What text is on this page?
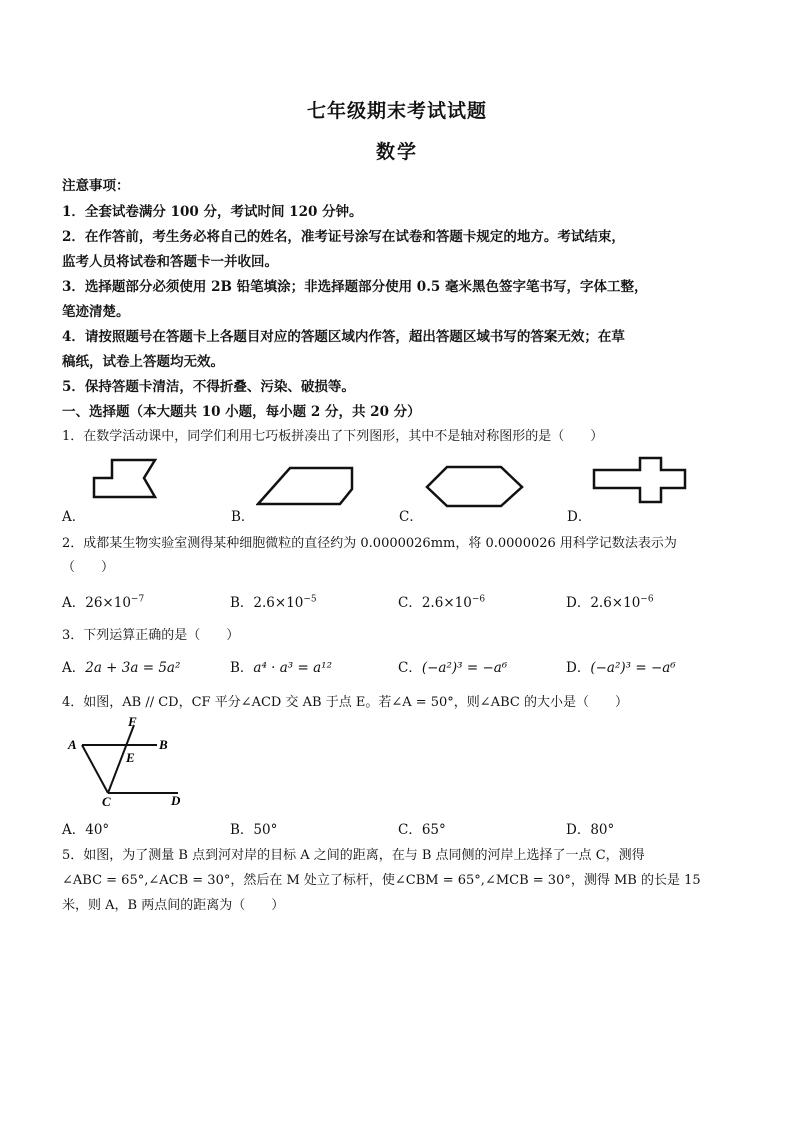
七年级期末考试试题
数学
注意事项：
1．全套试卷满分 100 分，考试时间 120 分钟。
2．在作答前，考生务必将自己的姓名，准考证号涂写在试卷和答题卡规定的地方。考试结束，
监考人员将试卷和答题卡一并收回。
3．选择题部分必须使用 2B 铅笔填涂；非选择题部分使用 0.5 毫米黑色签字笔书写，字体工整，
笔迹清楚。
4．请按照题号在答题卡上各题目对应的答题区域内作答，超出答题区域书写的答案无效；在草
稿纸，试卷上答题均无效。
5．保持答题卡清洁，不得折叠、污染、破损等。
一、选择题（本大题共 10 小题，每小题 2 分，共 20 分）
1．在数学活动课中，同学们利用七巧板拼凑出了下列图形，其中不是轴对称图形的是（　　）
A．	B．	C．	D．
2．成都某生物实验室测得某种细胞微粒的直径约为 0.0000026mm，将 0.0000026 用科学记数法表示为
（　　）
A．$26\times 10^{-7}$	B．$2.6\times 10^{-5}$	C．$2.6\times 10^{-6}$	D．$2.6\times 10^{-6}$
3．下列运算正确的是（　　）
A．2a + 3a = 5a²	B．a⁴ · a³ = a¹²	C．(−a²)³ = −a⁶	D．(−a²)³ = −a⁶
4．如图，AB // CD，CF 平分∠ACD 交 AB 于点 E。若∠A = 50°，则∠ABC 的大小是（　　）
A	B
C	D
E
F
A．40°	B．50°	C．65°	D．80°
5．如图，为了测量 B 点到河对岸的目标 A 之间的距离，在与 B 点同侧的河岸上选择了一点 C，测得
∠ABC = 65°,∠ACB = 30°，然后在 M 处立了标杆，使∠CBM = 65°,∠MCB = 30°，测得 MB 的长是 15
米，则 A，B 两点间的距离为（　　）
